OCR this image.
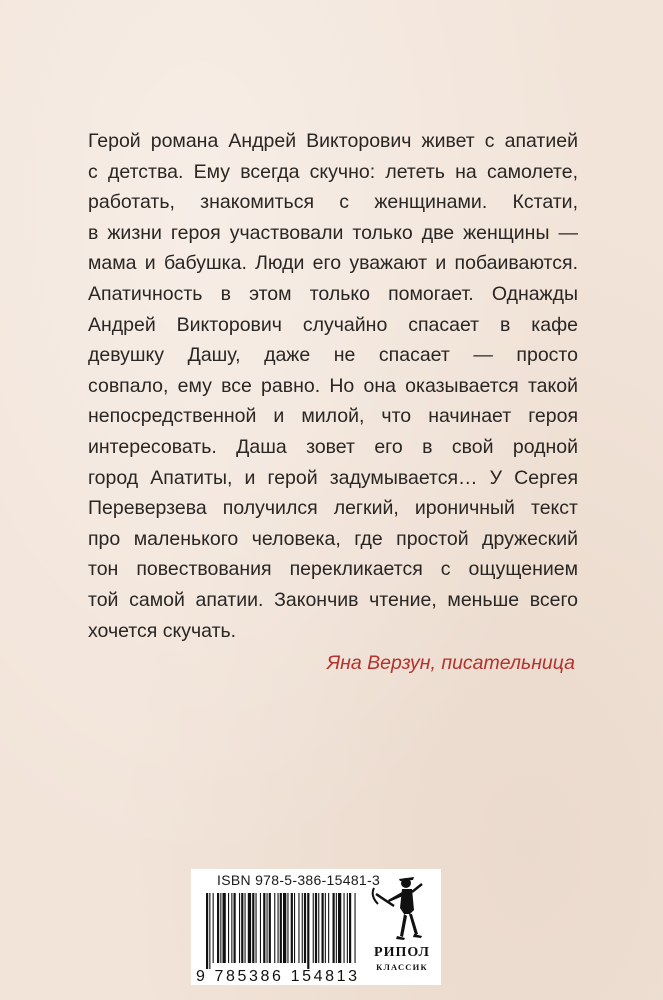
Герой романа Андрей Викторович живет с апатией
с детства. Ему всегда скучно: лететь на самолете,
работать, знакомиться с женщинами. Кстати,
в жизни героя участвовали только две женщины —
мама и бабушка. Люди его уважают и побаиваются.
Апатичность в этом только помогает. Однажды
Андрей Викторович случайно спасает в кафе
девушку Дашу, даже не спасает — просто
совпало, ему все равно. Но она оказывается такой
непосредственной и милой, что начинает героя
интересовать. Даша зовет его в свой родной
город Апатиты, и герой задумывается… У Сергея
Переверзева получился легкий, ироничный текст
про маленького человека, где простой дружеский
тон повествования перекликается с ощущением
той самой апатии. Закончив чтение, меньше всего
хочется скучать.
Яна Верзун, писательница
ISBN 978-5-386-15481-3
9 785386 154813
РИПОЛ
КЛАССИК
